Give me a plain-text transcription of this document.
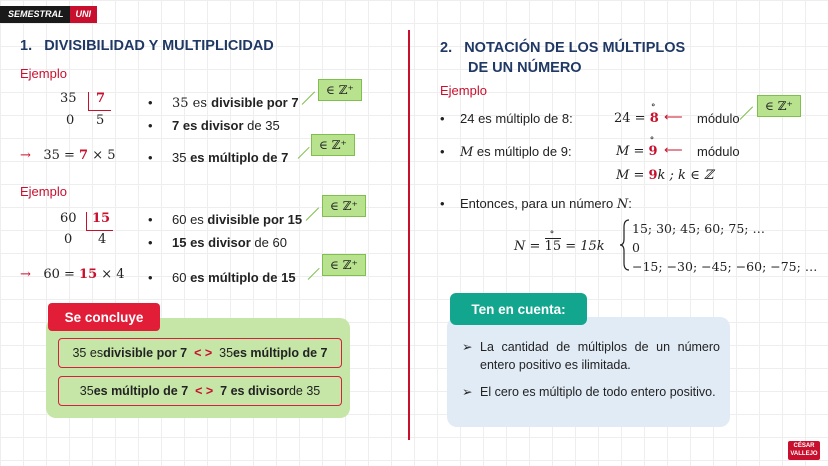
SEMESTRAL	UNI
1. DIVISIBILIDAD Y MULTIPLICIDAD
Ejemplo
35 7
0 5
→ 35 = 7 × 5
• 35 es divisible por 7
• 7 es divisor de 35
• 35 es múltiplo de 7
∈ ℤ⁺
∈ ℤ⁺
Ejemplo
60 15
0 4
→ 60 = 15 × 4
• 60 es divisible por 15
• 15 es divisor de 60
• 60 es múltiplo de 15
∈ ℤ⁺
∈ ℤ⁺
Se concluye
35 es divisible por 7
< >
35 es múltiplo de 7
35 es múltiplo de 7
< >
7 es divisor de 35
2. NOTACIÓN DE LOS MÚLTIPLOS
DE UN NÚMERO
Ejemplo
• 24 es múltiplo de 8:	24 =
∘
8 ⟵ módulo
∈ ℤ⁺
• M es múltiplo de 9:	M =
∘
9 ⟵ módulo
M = 9k ; k ∈ ℤ
• Entonces, para un número N:
N =
∘
15 = 15k
15; 30; 45; 60; 75; …
0
−15; −30; −45; −60; −75; …
Ten en cuenta:
➢ La cantidad de múltiplos de un número entero positivo es ilimitada.
➢ El cero es múltiplo de todo entero positivo.
CÉSAR VALLEJO
